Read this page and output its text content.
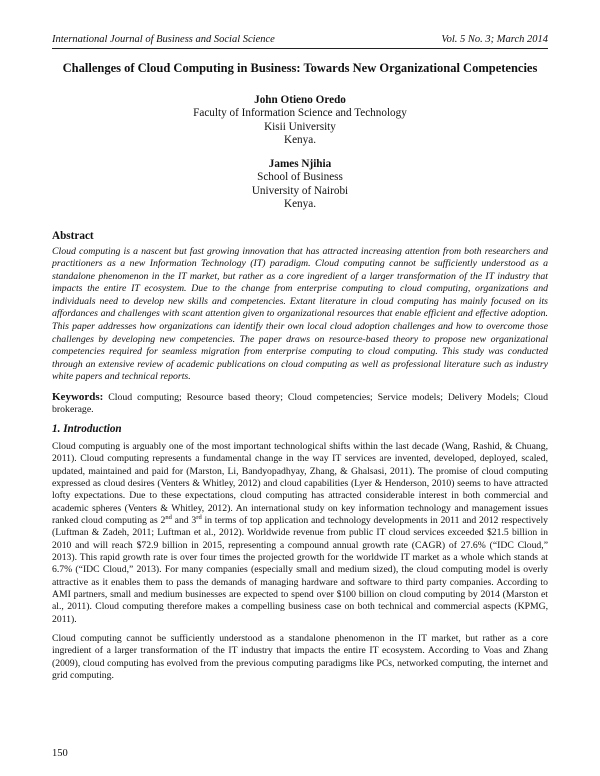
International Journal of Business and Social Science	Vol. 5 No. 3; March 2014
Challenges of Cloud Computing in Business: Towards New Organizational Competencies
John Otieno Oredo
Faculty of Information Science and Technology
Kisii University
Kenya.
James Njihia
School of Business
University of Nairobi
Kenya.
Abstract

Cloud computing is a nascent but fast growing innovation that has attracted increasing attention from both researchers and practitioners as a new Information Technology (IT) paradigm. Cloud computing cannot be sufficiently understood as a standalone phenomenon in the IT market, but rather as a core ingredient of a larger transformation of the IT industry that impacts the entire IT ecosystem. Due to the change from enterprise computing to cloud computing, organizations and individuals need to develop new skills and competencies. Extant literature in cloud computing has mainly focused on its affordances and challenges with scant attention given to organizational resources that enable efficient and effective adoption. This paper addresses how organizations can identify their own local cloud adoption challenges and how to overcome those challenges by developing new competencies. The paper draws on resource-based theory to propose new organizational competencies required for seamless migration from enterprise computing to cloud computing. This study was conducted through an extensive review of academic publications on cloud computing as well as professional literature such as industry white papers and technical reports.

Keywords: Cloud computing; Resource based theory; Cloud competencies; Service models; Delivery Models; Cloud brokerage.
1. Introduction

Cloud computing is arguably one of the most important technological shifts within the last decade (Wang, Rashid, & Chuang, 2011). Cloud computing represents a fundamental change in the way IT services are invented, developed, deployed, scaled, updated, maintained and paid for (Marston, Li, Bandyopadhyay, Zhang, & Ghalsasi, 2011). The promise of cloud computing expressed as cloud desires (Venters & Whitley, 2012) and cloud capabilities (Lyer & Henderson, 2010) seems to have attracted lofty expectations. Due to these expectations, cloud computing has attracted considerable interest in both commercial and academic spheres (Venters & Whitley, 2012). An international study on key information technology and management issues ranked cloud computing as 2nd and 3rd in terms of top application and technology developments in 2011 and 2012 respectively (Luftman & Zadeh, 2011; Luftman et al., 2012). Worldwide revenue from public IT cloud services exceeded $21.5 billion in 2010 and will reach $72.9 billion in 2015, representing a compound annual growth rate (CAGR) of 27.6% (“IDC Cloud,” 2013). This rapid growth rate is over four times the projected growth for the worldwide IT market as a whole which stands at 6.7% (“IDC Cloud,” 2013). For many companies (especially small and medium sized), the cloud computing model is overly attractive as it enables them to pass the demands of managing hardware and software to third party companies. According to AMI partners, small and medium businesses are expected to spend over $100 billion on cloud computing by 2014 (Marston et al., 2011). Cloud computing therefore makes a compelling business case on both technical and commercial aspects (KPMG, 2011).

Cloud computing cannot be sufficiently understood as a standalone phenomenon in the IT market, but rather as a core ingredient of a larger transformation of the IT industry that impacts the entire IT ecosystem. According to Voas and Zhang (2009), cloud computing has evolved from the previous computing paradigms like PCs, networked computing, the internet and grid computing.

150
